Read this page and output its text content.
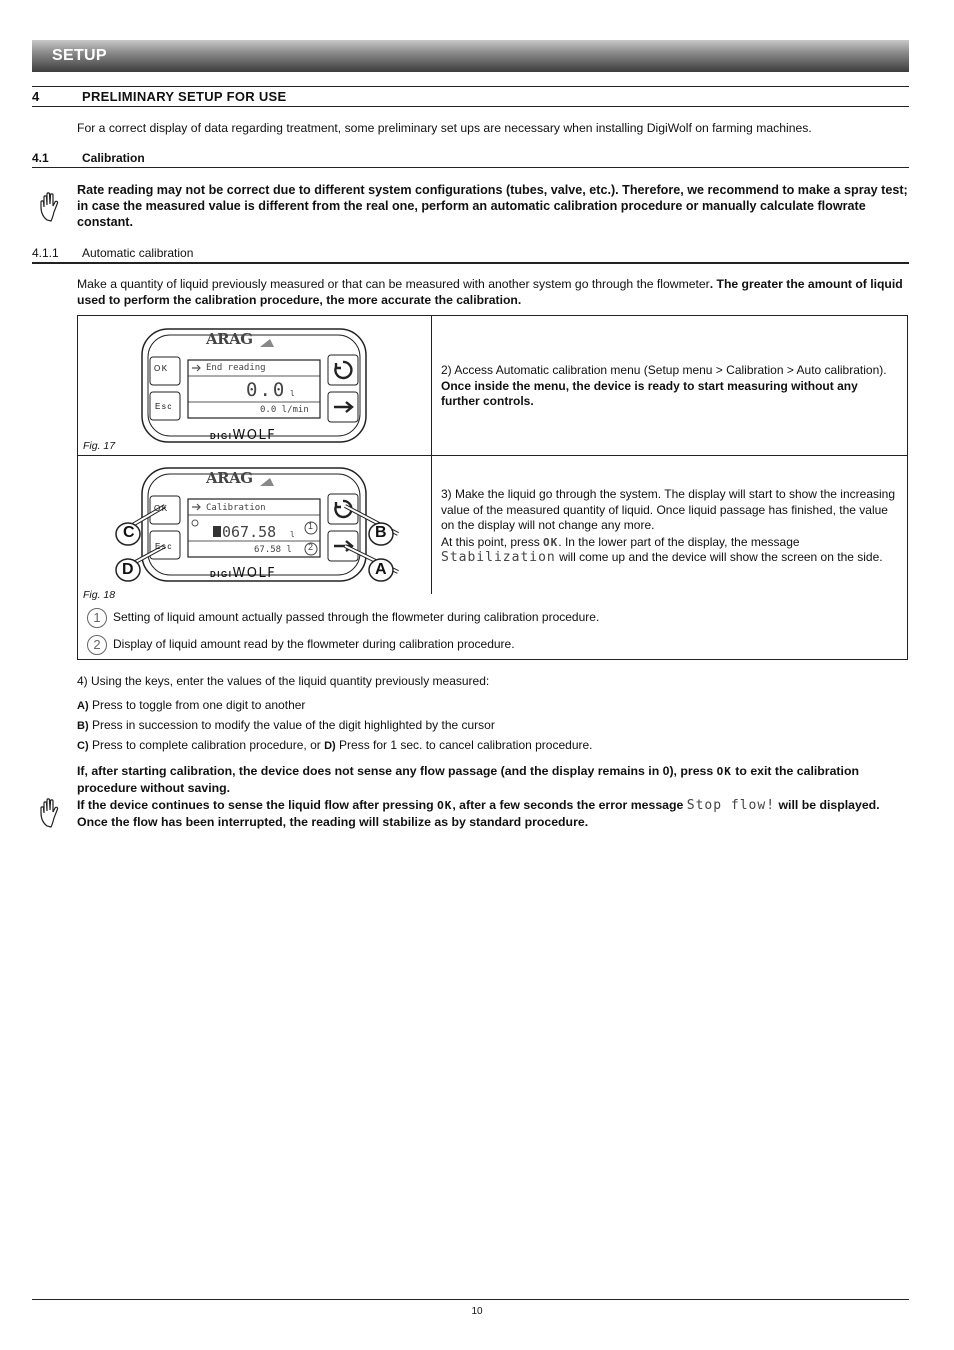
SETUP
4	PRELIMINARY SETUP FOR USE
For a correct display of data regarding treatment, some preliminary set ups are necessary when installing DigiWolf on farming machines.
4.1	Calibration
Rate reading may not be correct due to different system configurations (tubes, valve, etc.). Therefore, we recommend to make a spray test; in case the measured value is different from the real one, perform an automatic calibration procedure or manually calculate flowrate constant.
4.1.1 Automatic calibration
Make a quantity of liquid previously measured or that can be measured with another system go through the flowmeter. The greater the amount of liquid used to perform the calibration procedure, the more accurate the calibration.
ARAG
OK
Esc
End reading
0.0 l
0.0 l/min
DIGIWOLF
Fig. 17
2) Access Automatic calibration menu (Setup menu > Calibration > Auto calibration). Once inside the menu, the device is ready to start measuring without any further controls.
ARAG
OK
Esc
Calibration
067.58 l
67.58 l
1
2
C
D
B
A
DIGIWOLF
Fig. 18
3) Make the liquid go through the system. The display will start to show the increasing value of the measured quantity of liquid. Once liquid passage has finished, the value on the display will not change any more.
At this point, press OK. In the lower part of the display, the message Stabilization will come up and the device will show the screen on the side.
1 Setting of liquid amount actually passed through the flowmeter during calibration procedure.
2 Display of liquid amount read by the flowmeter during calibration procedure.
4) Using the keys, enter the values of the liquid quantity previously measured:
A) Press to toggle from one digit to another
B) Press in succession to modify the value of the digit highlighted by the cursor
C) Press to complete calibration procedure, or D) Press for 1 sec. to cancel calibration procedure.
If, after starting calibration, the device does not sense any flow passage (and the display remains in 0), press OK to exit the calibration procedure without saving.
If the device continues to sense the liquid flow after pressing OK, after a few seconds the error message Stop flow! will be displayed. Once the flow has been interrupted, the reading will stabilize as by standard procedure.
10
